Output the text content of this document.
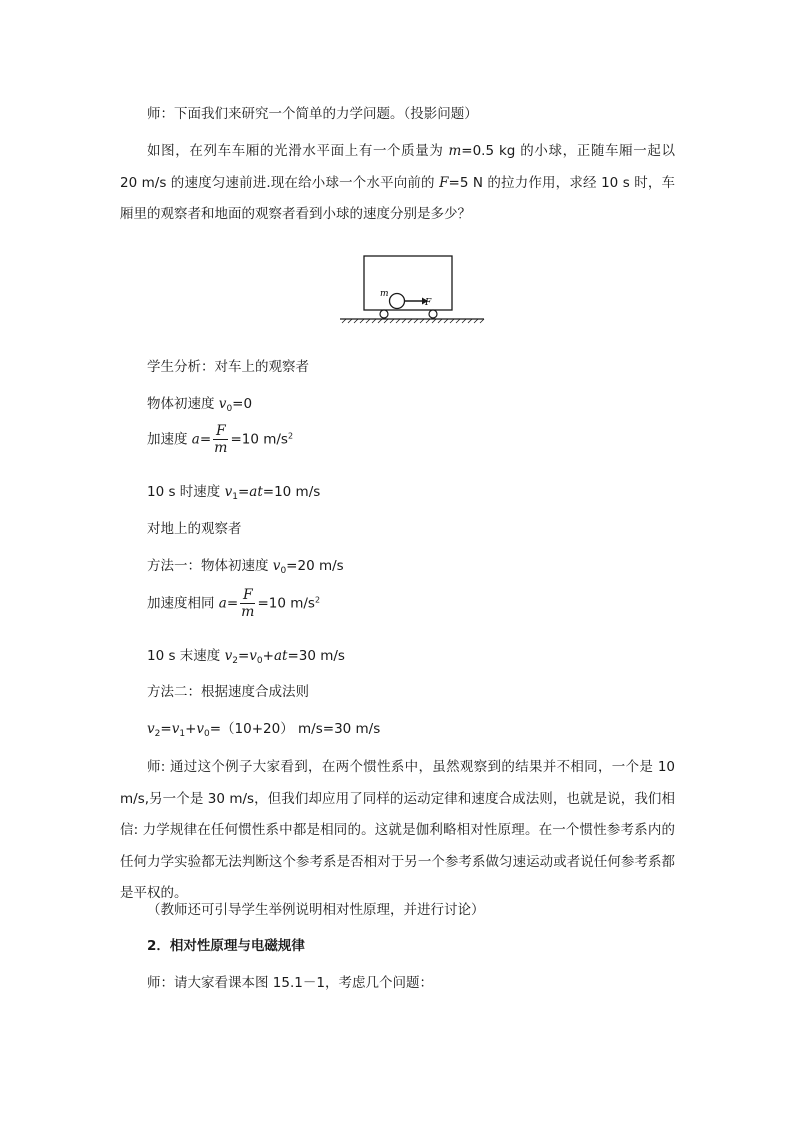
师：下面我们来研究一个简单的力学问题。（投影问题）
如图，在列车车厢的光滑水平面上有一个质量为 m=0.5 kg 的小球，正随车厢一起以 20 m/s 的速度匀速前进.现在给小球一个水平向前的 F=5 N 的拉力作用，求经 10 s 时，车厢里的观察者和地面的观察者看到小球的速度分别是多少？
m
F
学生分析：对车上的观察者
物体初速度 $v_0=0$
加速度 $a= \frac{F}{m} =10$ $m/s^2$
10 s 时速度 $v_1=at=10$ m/s
对地上的观察者
方法一：物体初速度 $v_0=20$ m/s
加速度相同 $a= \frac{F}{m} =10$ $m/s^2$
10 s 末速度 $v_2=v_0+at=30$ m/s
方法二：根据速度合成法则
$v_2=v_1+v_0=(10+20)$ m/s=30 m/s
师: 通过这个例子大家看到，在两个惯性系中，虽然观察到的结果并不相同，一个是 10 m/s,另一个是 30 m/s，但我们却应用了同样的运动定律和速度合成法则，也就是说，我们相信: 力学规律在任何惯性系中都是相同的。这就是伽利略相对性原理。在一个惯性参考系内的任何力学实验都无法判断这个参考系是否相对于另一个参考系做匀速运动或者说任何参考系都是平权的。
（教师还可引导学生举例说明相对性原理，并进行讨论）
2．相对性原理与电磁规律
师：请大家看课本图 15.1－1，考虑几个问题：
